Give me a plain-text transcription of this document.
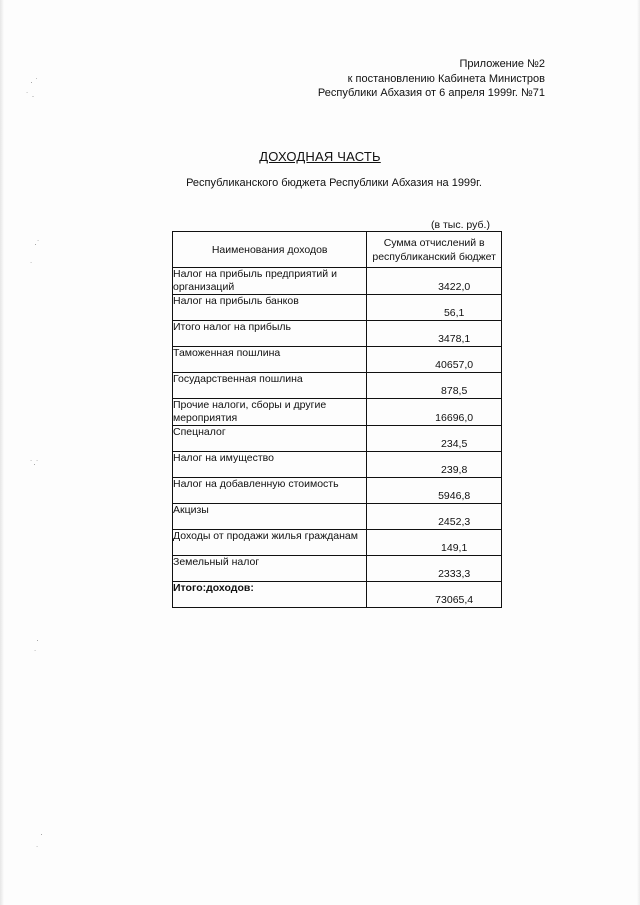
· ˙
˙ ·
·˙
˙
˙·˙
·
˙
·
˙
Приложение №2
к постановлению Кабинета Министров
Республики Абхазия от 6 апреля 1999г. №71
ДОХОДНАЯ ЧАСТЬ
Республиканского бюджета Республики Абхазия на 1999г.
(в тыс. руб.)
Наименования доходов	Сумма отчислений в республиканский бюджет
Налог на прибыль предприятий и организаций	3422,0
Налог на прибыль банков	56,1
Итого налог на прибыль	3478,1
Таможенная пошлина	40657,0
Государственная пошлина	878,5
Прочие налоги, сборы и другие мероприятия	16696,0
Спецналог	234,5
Налог на имущество	239,8
Налог на добавленную стоимость	5946,8
Акцизы	2452,3
Доходы от продажи жилья гражданам	149,1
Земельный налог	2333,3
Итого:доходов:	73065,4
